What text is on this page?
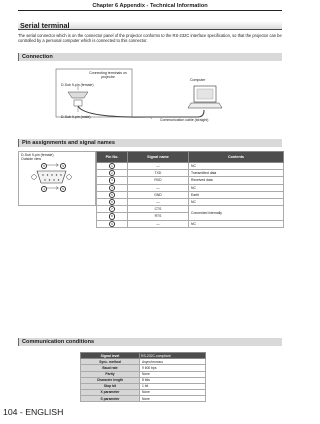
Chapter 6 Appendix - Technical Information
Serial terminal
The serial connector which is on the connector panel of the projector conforms to the RS-232C interface specification, so that the projector can be controlled by a personal computer which is connected to this connector.
Connection
Connecting terminals on projector
D-Sub 9-pin (female)
D-Sub 9-pin (male)
Computer
Communication cable (straight)
Pin assignments and signal names
D-Sub 9-pin (female) Outside view
5	9
1	5
Pin No.	Signal name	Contents
1	—	NC
2	TXD	Transmitted data
3	RXD	Received data
4	—	NC
5	GND	Earth
6	—	NC
7	CTS	Connected internally
8	RTS	
9	—	NC
Communication conditions
Signal level	RS-232C-compliant
Sync. method	Asynchronous
Baud rate	9 600 bps
Parity	None
Character length	8 bits
Stop bit	1 bit
X parameter	None
S parameter	None
104 - ENGLISH
